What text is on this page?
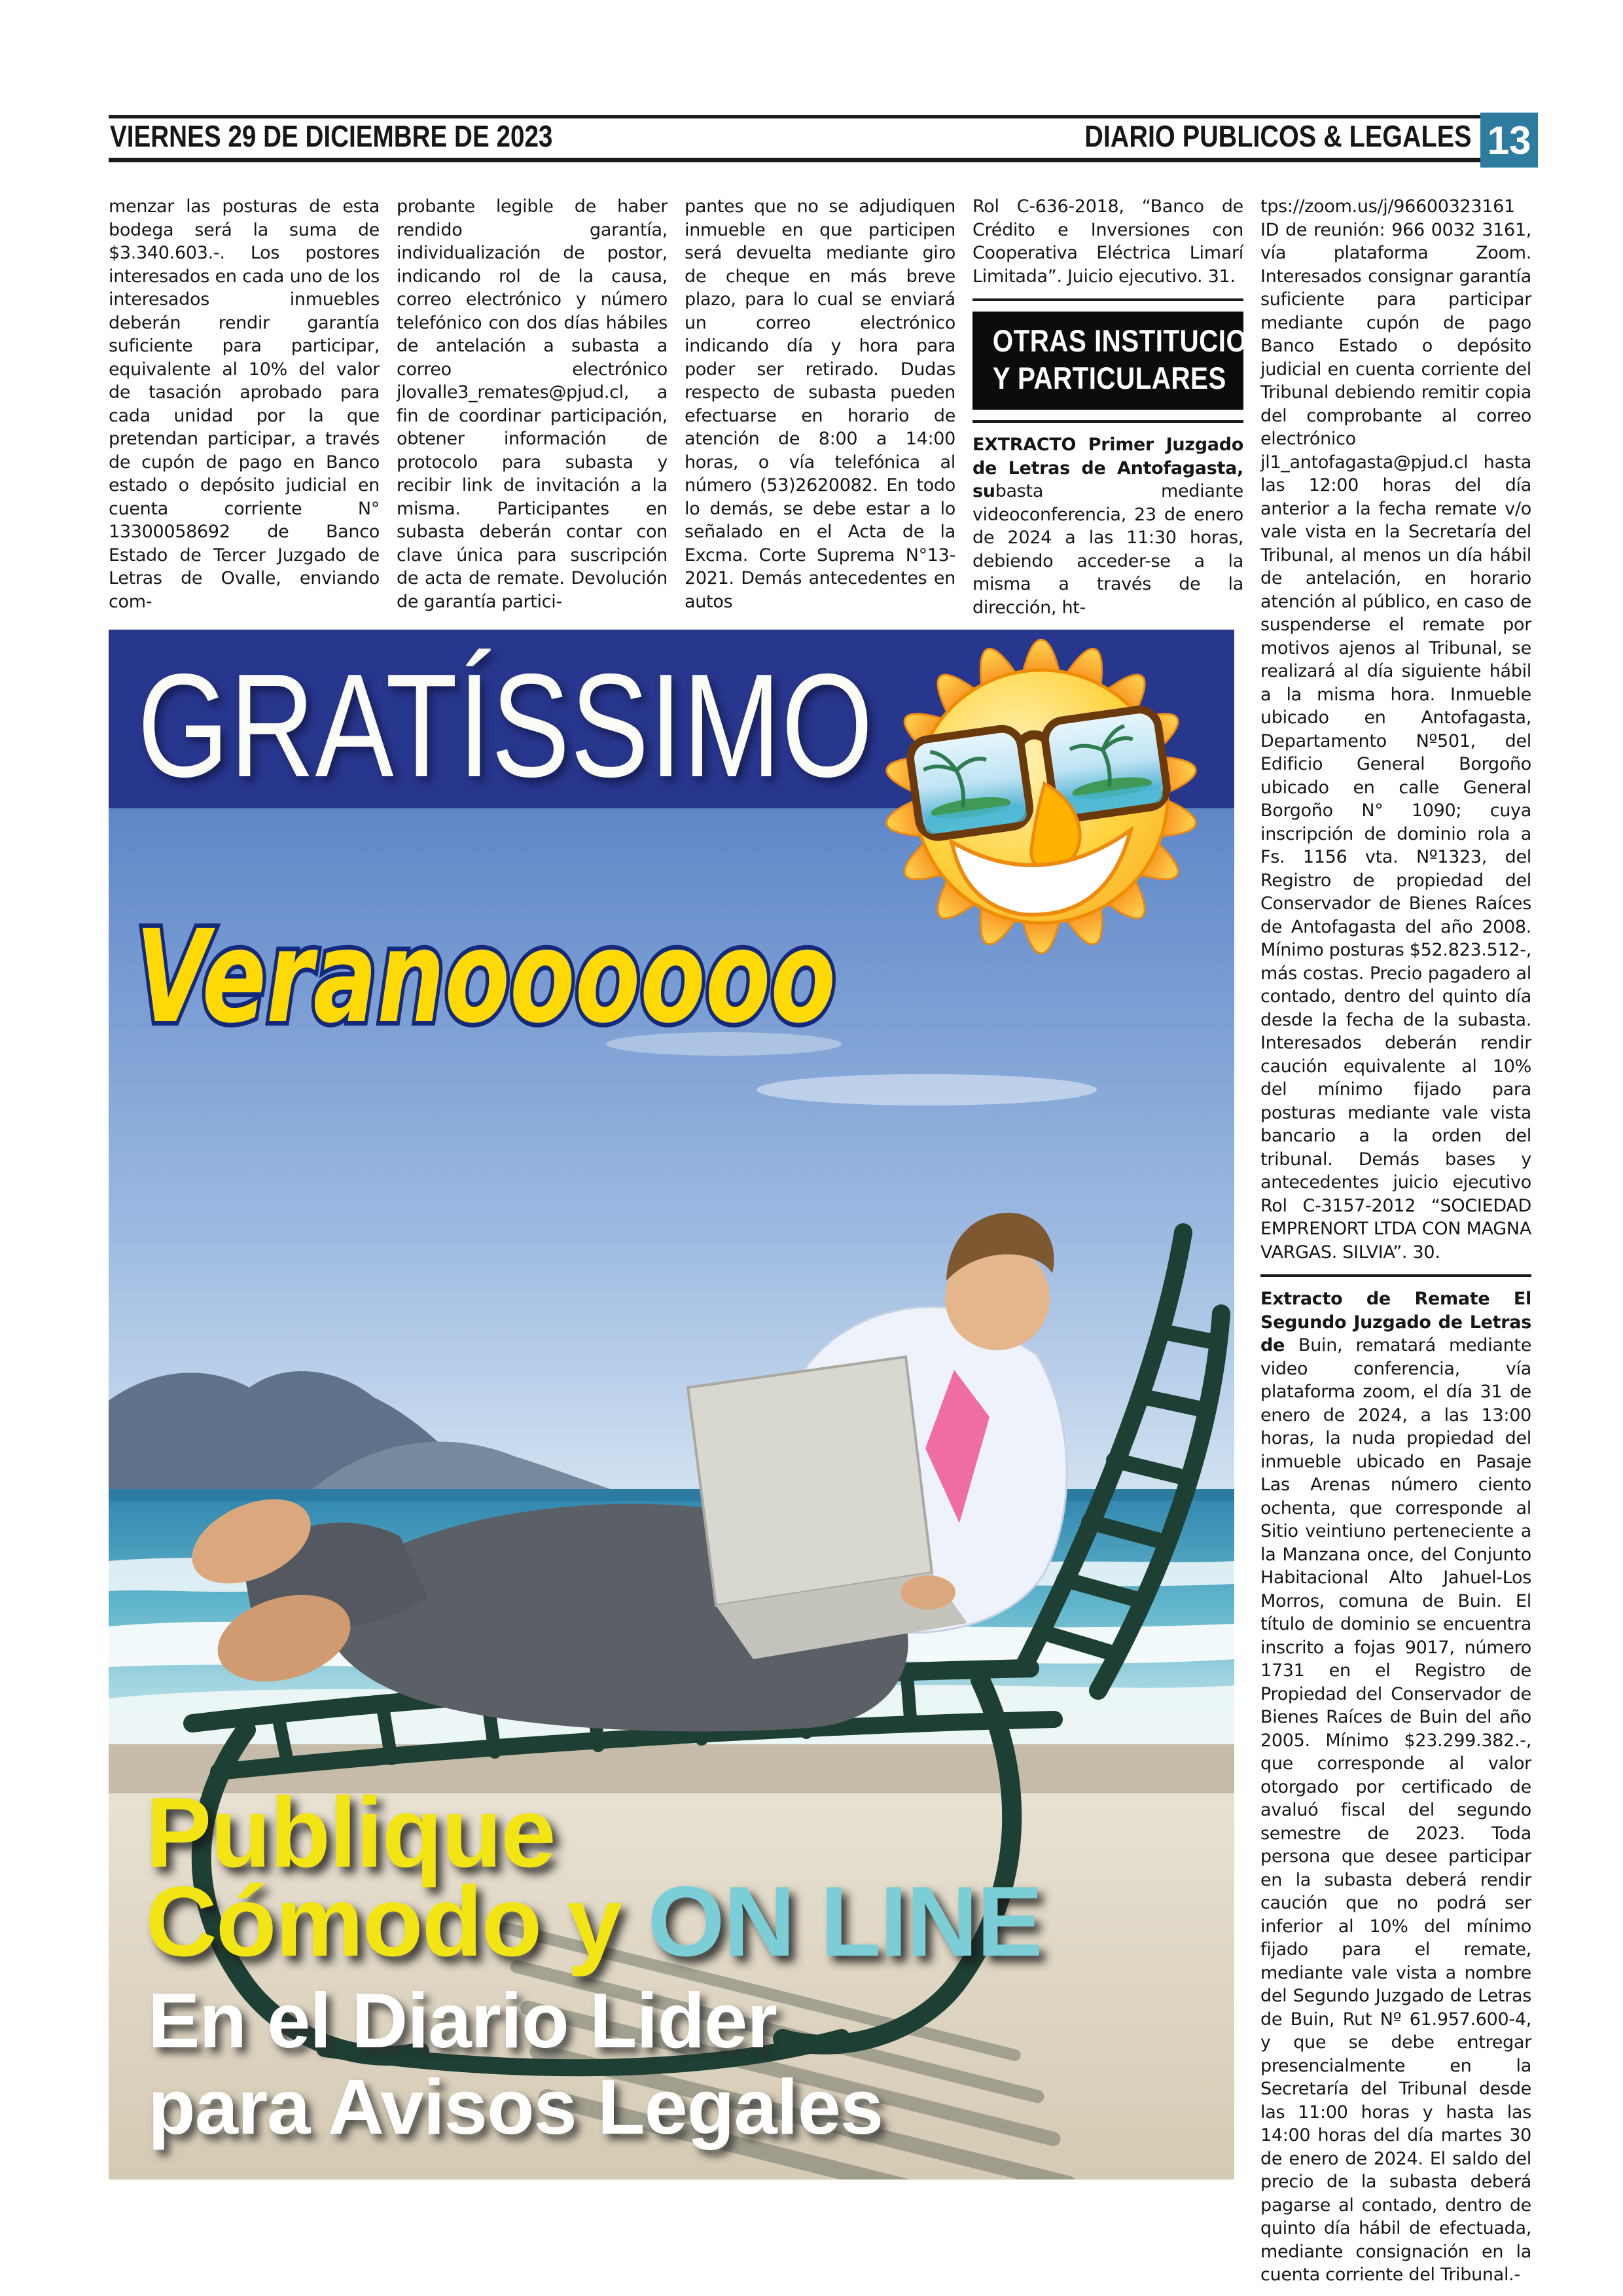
VIERNES 29 DE DICIEMBRE DE 2023	DIARIO PUBLICOS & LEGALES 13

menzar las posturas de esta bodega será la suma de $3.340.603.-. Los postores interesados en cada uno de los interesados inmuebles deberán rendir garantía suficiente para participar, equivalente al 10% del valor de tasación aprobado para cada unidad por la que pretendan participar, a través de cupón de pago en Banco estado o depósito judicial en cuenta corriente N° 13300058692 de Banco Estado de Tercer Juzgado de Letras de Ovalle, enviando com-

probante legible de haber rendido garantía, individualización de postor, indicando rol de la causa, correo electrónico y número telefónico con dos días hábiles de antelación a subasta a correo electrónico jlovalle3_remates@pjud.cl, a fin de coordinar participación, obtener información de protocolo para subasta y recibir link de invitación a la misma. Participantes en subasta deberán contar con clave única para suscripción de acta de remate. Devolución de garantía partici-

pantes que no se adjudiquen inmueble en que participen será devuelta mediante giro de cheque en más breve plazo, para lo cual se enviará un correo electrónico indicando día y hora para poder ser retirado. Dudas respecto de subasta pueden efectuarse en horario de atención de 8:00 a 14:00 horas, o vía telefónica al número (53)2620082. En todo lo demás, se debe estar a lo señalado en el Acta de la Excma. Corte Suprema N°13-2021. Demás antecedentes en autos

Rol C-636-2018, “Banco de Crédito e Inversiones con Cooperativa Eléctrica Limarí Limitada”. Juicio ejecutivo. 31.

OTRAS INSTITUCIONES
Y PARTICULARES

EXTRACTO Primer Juzgado de Letras de Antofagasta, subasta mediante videoconferencia, 23 de enero de 2024 a las 11:30 horas, debiendo acceder-se a la misma a través de la dirección, ht-

tps://zoom.us/j/96600323161 ID de reunión: 966 0032 3161, vía plataforma Zoom. Interesados consignar garantía suficiente para participar mediante cupón de pago Banco Estado o depósito judicial en cuenta corriente del Tribunal debiendo remitir copia del comprobante al correo electrónico jl1_antofagasta@pjud.cl hasta las 12:00 horas del día anterior a la fecha remate v/o vale vista en la Secretaría del Tribunal, al menos un día hábil de antelación, en horario atención al público, en caso de suspenderse el remate por motivos ajenos al Tribunal, se realizará al día siguiente hábil a la misma hora. Inmueble ubicado en Antofagasta, Departamento Nº501, del Edificio General Borgoño ubicado en calle General Borgoño N° 1090; cuya inscripción de dominio rola a Fs. 1156 vta. Nº1323, del Registro de propiedad del Conservador de Bienes Raíces de Antofagasta del año 2008. Mínimo posturas $52.823.512-, más costas. Precio pagadero al contado, dentro del quinto día desde la fecha de la subasta. Interesados deberán rendir caución equivalente al 10% del mínimo fijado para posturas mediante vale vista bancario a la orden del tribunal. Demás bases y antecedentes juicio ejecutivo Rol C-3157-2012 “SOCIEDAD EMPRENORT LTDA CON MAGNA VARGAS. SILVIA”. 30.

Extracto de Remate El Segundo Juzgado de Letras de Buin, rematará mediante video conferencia, vía plataforma zoom, el día 31 de enero de 2024, a las 13:00 horas, la nuda propiedad del inmueble ubicado en Pasaje Las Arenas número ciento ochenta, que corresponde al Sitio veintiuno perteneciente a la Manzana once, del Conjunto Habitacional Alto Jahuel-Los Morros, comuna de Buin. El título de dominio se encuentra inscrito a fojas 9017, número 1731 en el Registro de Propiedad del Conservador de Bienes Raíces de Buin del año 2005. Mínimo $23.299.382.-, que corresponde al valor otorgado por certificado de avaluó fiscal del segundo semestre de 2023. Toda persona que desee participar en la subasta deberá rendir caución que no podrá ser inferior al 10% del mínimo fijado para el remate, mediante vale vista a nombre del Segundo Juzgado de Letras de Buin, Rut Nº 61.957.600-4, y que se debe entregar presencialmente en la Secretaría del Tribunal desde las 11:00 horas y hasta las 14:00 horas del día martes 30 de enero de 2024. El saldo del precio de la subasta deberá pagarse al contado, dentro de quinto día hábil de efectuada, mediante consignación en la cuenta corriente del Tribunal.-

GRATÍSSIMO
Veranoooooo
Publique
Cómodo y ON LINE
En el Diario Lider
para Avisos Legales
